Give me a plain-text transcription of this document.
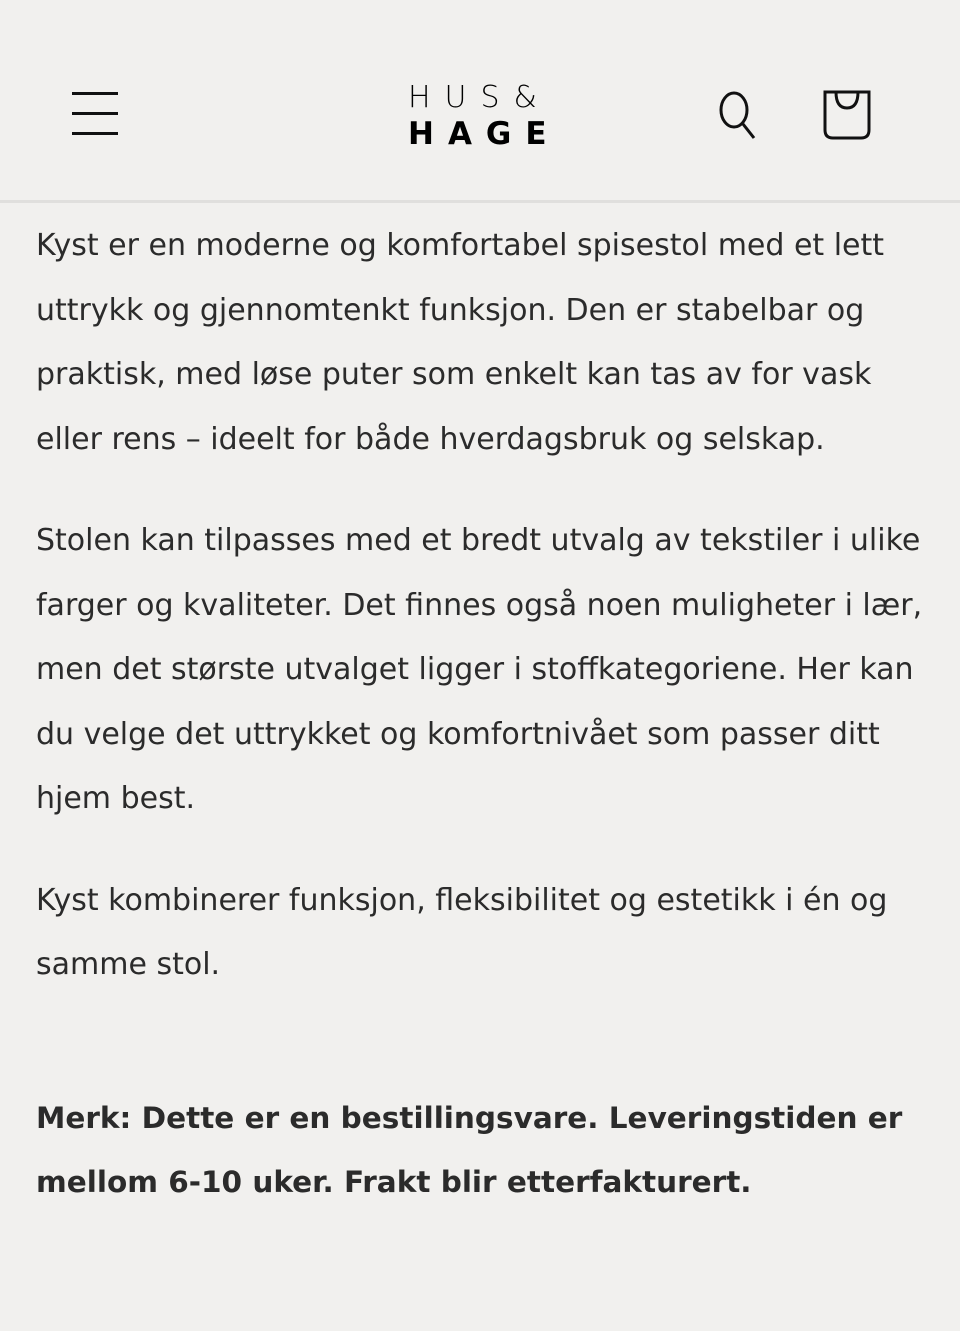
HUS&
HAGE

Kyst er en moderne og komfortabel spisestol med et lett uttrykk og gjennomtenkt funksjon. Den er stabelbar og praktisk, med løse puter som enkelt kan tas av for vask eller rens – ideelt for både hverdagsbruk og selskap.

Stolen kan tilpasses med et bredt utvalg av tekstiler i ulike farger og kvaliteter. Det finnes også noen muligheter i lær, men det største utvalget ligger i stoffkategoriene. Her kan du velge det uttrykket og komfortnivået som passer ditt hjem best.

Kyst kombinerer funksjon, fleksibilitet og estetikk i én og samme stol.

Merk: Dette er en bestillingsvare. Leveringstiden er mellom 6-10 uker. Frakt blir etterfakturert.
